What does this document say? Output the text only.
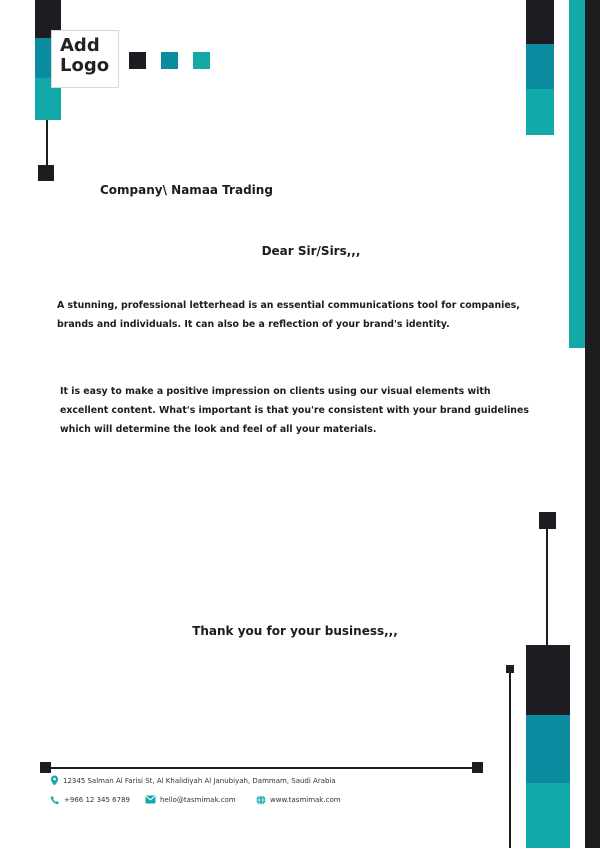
Add
Logo
Company\ Namaa Trading
Dear Sir/Sirs,,,
A stunning, professional letterhead is an essential communications tool for companies, brands and individuals. It can also be a reflection of your brand's identity.
It is easy to make a positive impression on clients using our visual elements with excellent content. What's important is that you're consistent with your brand guidelines which will determine the look and feel of all your materials.
Thank you for your business,,,
12345 Salman Al Farisi St, Al Khalidiyah Al Janubiyah, Dammam, Saudi Arabia
+966 12 345 6789	hello@tasmimak.com	www.tasmimak.com
